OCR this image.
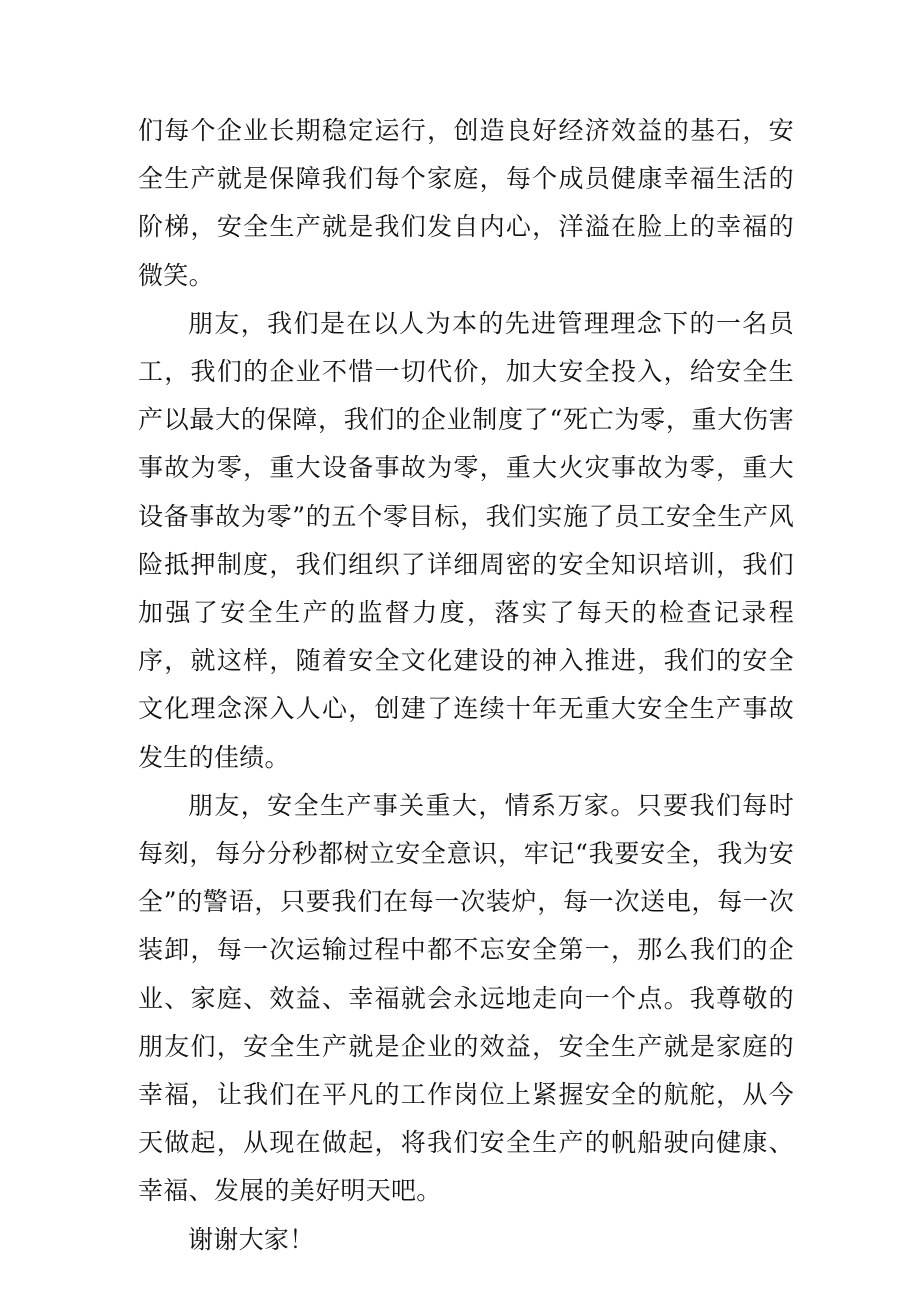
们每个企业长期稳定运行，创造良好经济效益的基石，安全生产就是保障我们每个家庭，每个成员健康幸福生活的阶梯，安全生产就是我们发自内心，洋溢在脸上的幸福的微笑。

朋友，我们是在以人为本的先进管理理念下的一名员工，我们的企业不惜一切代价，加大安全投入，给安全生产以最大的保障，我们的企业制度了“死亡为零，重大伤害事故为零，重大设备事故为零，重大火灾事故为零，重大设备事故为零”的五个零目标，我们实施了员工安全生产风险抵押制度，我们组织了详细周密的安全知识培训，我们加强了安全生产的监督力度，落实了每天的检查记录程序，就这样，随着安全文化建设的神入推进，我们的安全文化理念深入人心，创建了连续十年无重大安全生产事故发生的佳绩。

朋友，安全生产事关重大，情系万家。只要我们每时每刻，每分分秒都树立安全意识，牢记“我要安全，我为安全”的警语，只要我们在每一次装炉，每一次送电，每一次装卸，每一次运输过程中都不忘安全第一，那么我们的企业、家庭、效益、幸福就会永远地走向一个点。我尊敬的朋友们，安全生产就是企业的效益，安全生产就是家庭的幸福，让我们在平凡的工作岗位上紧握安全的航舵，从今天做起，从现在做起，将我们安全生产的帆船驶向健康、幸福、发展的美好明天吧。

谢谢大家！
